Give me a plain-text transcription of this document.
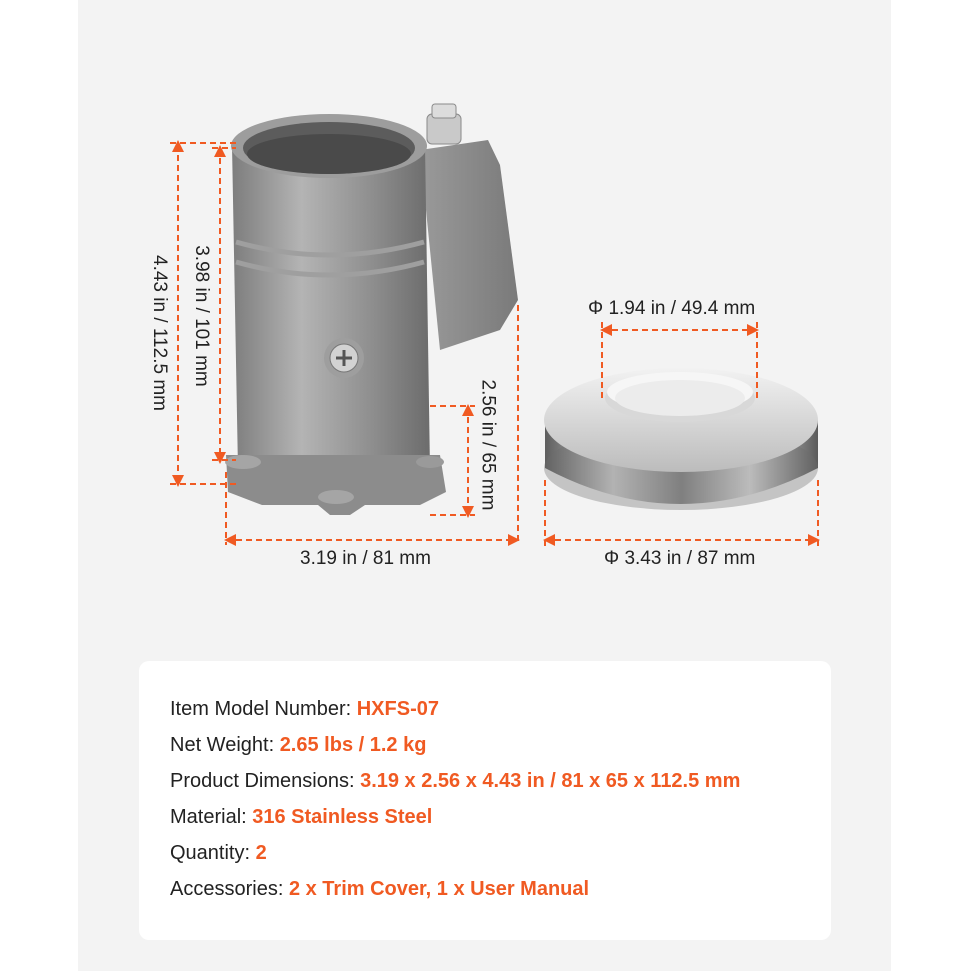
4.43 in / 112.5 mm 3.98 in / 101 mm
2.56 in / 65 mm
3.19 in / 81 mm
Φ 1.94 in / 49.4 mm
Φ 3.43 in / 87 mm
Item Model Number: HXFS-07
Net Weight: 2.65 lbs / 1.2 kg
Product Dimensions: 3.19 x 2.56 x 4.43 in / 81 x 65 x 112.5 mm
Material: 316 Stainless Steel
Quantity: 2
Accessories: 2 x Trim Cover, 1 x User Manual
